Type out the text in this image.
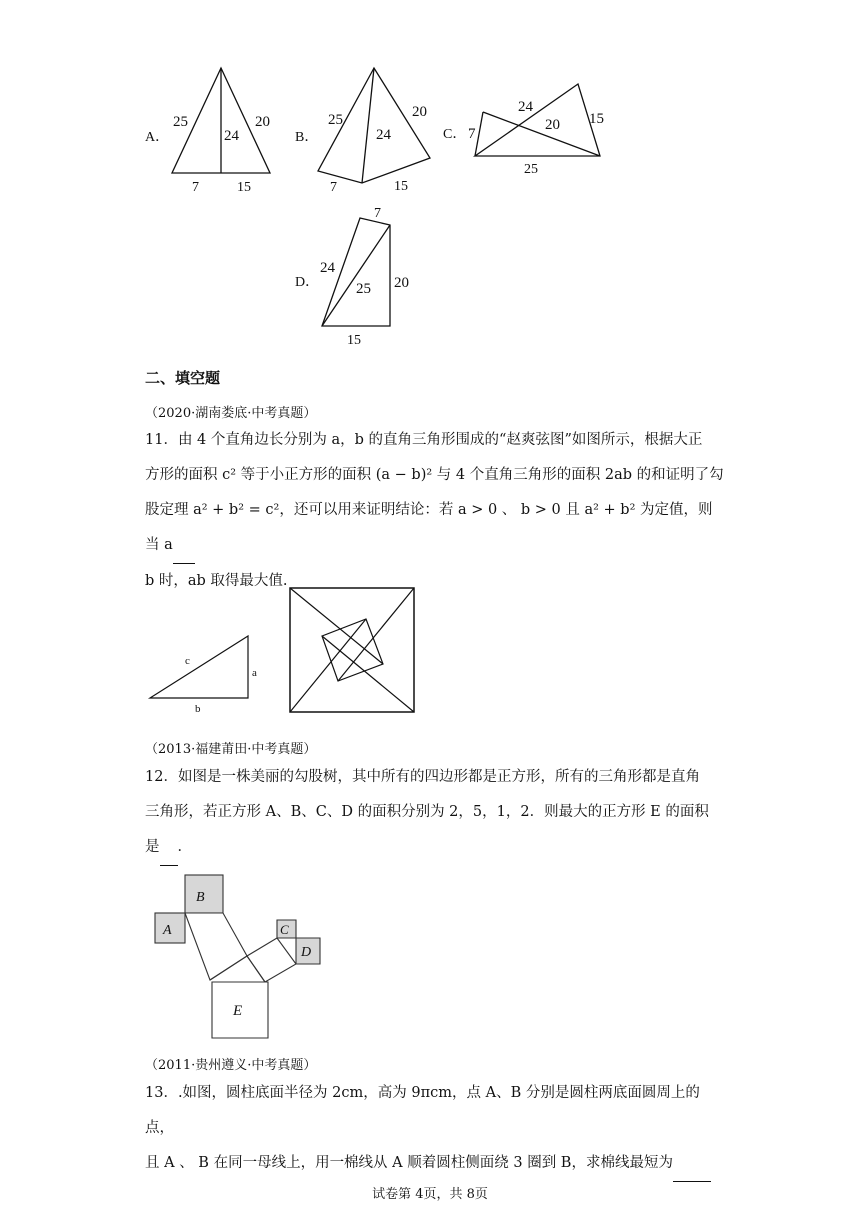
A．
25	20
24
7	15
B．
25	20
24
7	15
C． 7
24
20 15
25
D．
7
24
25 20
15
二、填空题
（2020·湖南娄底·中考真题）

11．由 4 个直角边长分别为 a，b 的直角三角形围成的“赵爽弦图”如图所示，根据大正

方形的面积 c² 等于小正方形的面积 (a − b)² 与 4 个直角三角形的面积 2ab 的和证明了勾

股定理 a² + b² = c²，还可以用来证明结论：若 a > 0 、 b > 0 且 a² + b² 为定值，则当 a

b 时，ab 取得最大值.

c
a
b
（2013·福建莆田·中考真题）

12．如图是一株美丽的勾股树，其中所有的四边形都是正方形，所有的三角形都是直角

三角形，若正方形 A、B、C、D 的面积分别为 2，5，1，2．则最大的正方形 E 的面积

是 ．

B
A	C
D
E
（2011·贵州遵义·中考真题）

13．.如图，圆柱底面半径为 2cm，高为 9πcm，点 A、B 分别是圆柱两底面圆周上的点，

且 A 、 B 在同一母线上，用一棉线从 A 顺着圆柱侧面绕 3 圈到 B，求棉线最短为

试卷第 4页，共 8页
